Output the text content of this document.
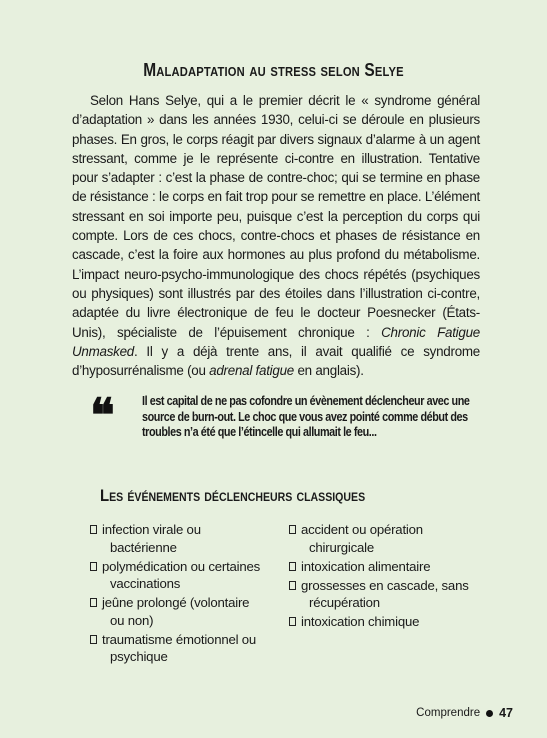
Maladaptation au stress selon Selye

Selon Hans Selye, qui a le premier décrit le « syndrome général d’adaptation » dans les années 1930, celui-ci se déroule en plusieurs phases. En gros, le corps réagit par divers signaux d’alarme à un agent stressant, comme je le représente ci-contre en illustration. Tentative pour s’adapter : c’est la phase de contre-choc; qui se termine en phase de résistance : le corps en fait trop pour se remettre en place. L’élément stressant en soi importe peu, puisque c’est la perception du corps qui compte. Lors de ces chocs, contre-chocs et phases de résistance en cascade, c’est la foire aux hormones au plus profond du métabolisme. L’impact neuro-psycho-immunologique des chocs répétés (psychiques ou physiques) sont illustrés par des étoiles dans l’illustration ci-contre, adaptée du livre électronique de feu le docteur Poesnecker (États-Unis), spécialiste de l’épuisement chronique : Chronic Fatigue Unmasked. Il y a déjà trente ans, il avait qualifié ce syndrome d’hyposurrénalisme (ou adrenal fatigue en anglais).

❝ Il est capital de ne pas cofondre un évènement déclencheur avec une source de burn-out. Le choc que vous avez pointé comme début des troubles n’a été que l’étincelle qui allumait le feu...
Les événements déclencheurs classiques
infection virale ou
bactérienne
polymédication ou certaines
vaccinations
jeûne prolongé (volontaire
ou non)
traumatisme émotionnel ou
psychique
accident ou opération
chirurgicale
intoxication alimentaire
grossesses en cascade, sans
récupération
intoxication chimique
Comprendre 47
